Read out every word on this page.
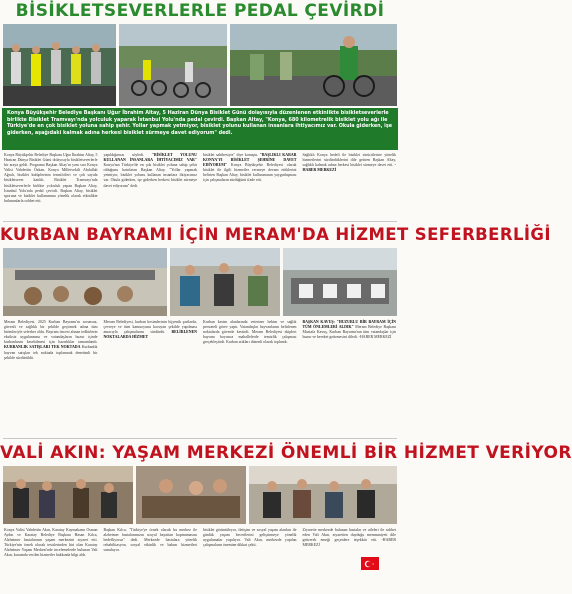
BİSİKLETSEVERLERLE PEDAL ÇEVİRDİ
Konya Büyükşehir Belediye Başkanı Uğur İbrahim Altay, 5 Haziran Dünya Bisiklet Günü dolayısıyla düzenlenen etkinlikte bisikletseverlerle birlikte Bisiklet Tramvayı'nda yolculuk yaparak İstanbul Yolu'nda pedal çevirdi. Başkan Altay, "Konya, 680 kilometrelik bisiklet yolu ağı ile Türkiye'de en çok bisiklet yoluna sahip şehir. Yollar yapmak yetmiyor, bisiklet yolunu kullanan insanlara ihtiyacımız var. Okula giderken, işe giderken, aşağıdaki kalmak adına herkesi bisiklet sürmeye davet ediyorum" dedi.
Konya Büyükşehir Belediye Başkanı Uğur İbrahim Altay, 5 Haziran Dünya Bisiklet Günü dolayısıyla bisikletseverlerle bir araya geldi. Programa Başkan Altay'ın yanı sıra Konya Valisi Vahdettin Özkan, Konya Milletvekili Abdullah Ağralı, bisiklet kulüplerinin temsilcileri ve çok sayıda bisikletsever katıldı. Bisiklet Tramvayı'nda bisikletseverlerle birlikte yolculuk yapan Başkan Altay, İstanbul Yolu'nda pedal çevirdi. Başkan Altay, bisiklet sporuna ve bisiklet kullanımına yönelik olarak etkinlikte bulunanlarla sohbet etti.
yapıldığımızı söyledi. "BİSİKLET YOLUNU KULLANAN İNSANLARA İHTİYACIMIZ VAR" Konya'nın Türkiye'de en çok bisiklet yoluna sahip şehir olduğunu hatırlatan Başkan Altay, "Yollar yapmak yetmiyor, bisiklet yolunu kullanan insanlara ihtiyacımız var. Okula giderken, işe giderken herkesi bisiklet sürmeye davet ediyorum" dedi.
bisiklet sahibesiyiz" diye konuştu. "BAŞLIKLI KARAR KONYA'YI BİSİKLET ŞEHRİNE DAVET EDİYORUM" Konya Büyükşehir Belediyesi olarak bisiklet ile ilgili hizmetler vermeye devam ettiklerini belirten Başkan Altay, bisiklet kullanımının yaygınlaşması için çalışmaların sürdüğünü ifade etti.
Sağlıklı Konya hedefi ile bisiklet sürücülerine yönelik hizmetlerini sürdürdüklerini dile getiren Başkan Altay, sağlıklı kalmak adına herkesi bisiklet sürmeye davet etti. -HABER MERKEZİ
KURBAN BAYRAMI İÇİN MERAM'DA HİZMET SEFERBERLİĞİ
Meram Belediyesi, 2025 Kurban Bayramı'nı sorunsuz, güvenli ve sağlıklı bir şekilde geçirmek adına tüm birimleriyle seferber oldu. Bayram öncesi alınan tedbirlerin eksiksiz uygulanması ve vatandaşların huzur içinde kurbanlarını kesebilmesi için hazırlıklar tamamlandı. KURBANLIK SATIŞLARI TEK NOKTADA Kurbanlık hayvan satışları tek noktada toplanarak denetimli bir şekilde sürdürüldü.
Meram Belediyesi, kurban kesimlerinin hijyenik şartlarda, çevreye ve tüm kamuoyunu koruyan şekilde yapılması amacıyla çalışmalarını sürdürdü. BELİRLENEN NOKTALARDA HİZMET
Kurban kesim alanlarında veteriner hekim ve sağlık personeli görev yaptı. Vatandaşlar hayvanlarını belirlenen noktalarda güvenle kestirdi. Meram Belediyesi ekipleri bayram boyunca mahallelerde temizlik çalışması gerçekleştirdi. Kurban atıkları düzenli olarak toplandı.
BAŞKAN KAVUŞ: "HUZURLU BİR BAYRAM İÇİN TÜM ÖNLEMLERİ ALDIK" Meram Belediye Başkanı Mustafa Kavuş, Kurban Bayramı'nın tüm vatandaşlar için huzur ve bereket getirmesini diledi. -HABER MERKEZİ
VALİ AKIN: YAŞAM MERKEZİ ÖNEMLİ BİR HİZMET VERİYOR
Konya Valisi Vahdettin Akın, Karatay Kaymakamı Osman Aydın ve Karatay Belediye Başkanı Hasan Kılca, Alzheimer hastalarının yaşam merkezini ziyaret etti. Türkiye'nin örnek olacak tesislerinden biri olan Karatay Alzheimer Yaşam Merkezi'nde incelemelerde bulunan Vali Akın, kurumda verilen hizmetler hakkında bilgi aldı.
Başkan Kılca, "Türkiye'ye örnek olacak bu merkez ile alzheimer hastalarımızın sosyal hayattan kopmamasını hedefliyoruz" dedi. Merkezde hastalara yönelik rehabilitasyon, sosyal etkinlik ve bakım hizmetleri sunuluyor.
bisiklet görüntüleyor, iletişim ve sosyal yaşam alanları ile günlük yaşam becerilerini geliştirmeye yönelik uygulamalar yapılıyor. Vali Akın, merkezde yapılan çalışmaların önemine dikkat çekti.
Ziyarette merkezde bulunan hastalar ve aileleri ile sohbet eden Vali Akın, ziyaretten duyduğu memnuniyeti dile getirerek emeği geçenlere teşekkür etti. -HABER MERKEZİ
